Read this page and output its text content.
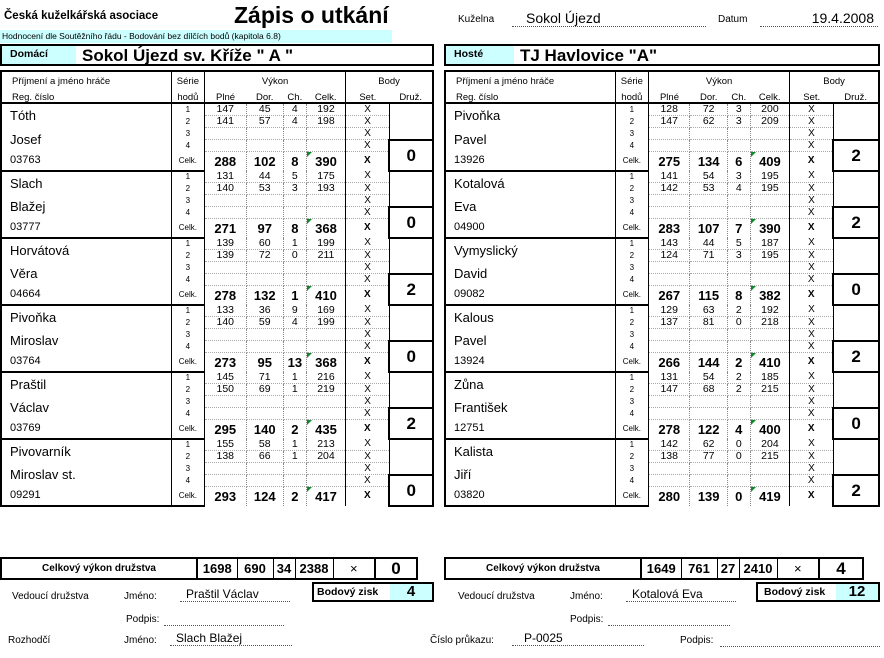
Česká kuželkářská asociace	Zápis o utkání
Hodnocení dle Soutěžního řádu - Bodování bez dílčích bodů (kapitola 6.8)
Kuželna	Sokol Újezd	Datum	19.4.2008
Domácí	Sokol Újezd sv. Kříže " A "	Hosté	TJ Havlovice "A"
Příjmení a jméno hráče	Série	Výkon				Body	
Reg. číslo	hodů	Plné	Dor.	Ch.	Celk.	Set.	Druž.
Tóth	1	147	45	4	192	X	
	2	141	57	4	198	X	
Josef	3					X	
	4					X	0
03763	Celk.	288	102	8	390	X	
Slach	1	131	44	5	175	X	
	2	140	53	3	193	X	
Blažej	3					X	
	4					X	0
03777	Celk.	271	97	8	368	X	
Horvátová	1	139	60	1	199	X	
	2	139	72	0	211	X	
Věra	3					X	
	4					X	2
04664	Celk.	278	132	1	410	X	
Pivoňka	1	133	36	9	169	X	
	2	140	59	4	199	X	
Miroslav	3					X	
	4					X	0
03764	Celk.	273	95	13	368	X	
Praštil	1	145	71	1	216	X	
	2	150	69	1	219	X	
Václav	3					X	
	4					X	2
03769	Celk.	295	140	2	435	X	
Pivovarník	1	155	58	1	213	X	
	2	138	66	1	204	X	
Miroslav st.	3					X	
	4					X	0
09291	Celk.	293	124	2	417	X	
Příjmení a jméno hráče	Série	Výkon				Body	
Reg. číslo	hodů	Plné	Dor.	Ch.	Celk.	Set.	Druž.
Pivoňka	1	128	72	3	200	X	
	2	147	62	3	209	X	
Pavel	3					X	
	4					X	2
13926	Celk.	275	134	6	409	X	
Kotalová	1	141	54	3	195	X	
	2	142	53	4	195	X	
Eva	3					X	
	4					X	2
04900	Celk.	283	107	7	390	X	
Vymyslický	1	143	44	5	187	X	
	2	124	71	3	195	X	
David	3					X	
	4					X	0
09082	Celk.	267	115	8	382	X	
Kalous	1	129	63	2	192	X	
	2	137	81	0	218	X	
Pavel	3					X	
	4					X	2
13924	Celk.	266	144	2	410	X	
Zůna	1	131	54	2	185	X	
	2	147	68	2	215	X	
František	3					X	
	4					X	0
12751	Celk.	278	122	4	400	X	
Kalista	1	142	62	0	204	X	
	2	138	77	0	215	X	
Jiří	3					X	
	4					X	2
03820	Celk.	280	139	0	419	X	
Vedoucí družstva	Jméno:	Praštil Václav
Podpis:
Bodový zisk	4	Vedoucí družstva	Jméno:	Kotalová Eva
Podpis:
Bodový zisk	12
Rozhodčí	Jméno:	Slach Blažej	Číslo průkazu:	P-0025	Podpis:
Celkový výkon družstva	1698	690	34	2388	×	0	Celkový výkon družstva	1649	761	27	2410	×	4
